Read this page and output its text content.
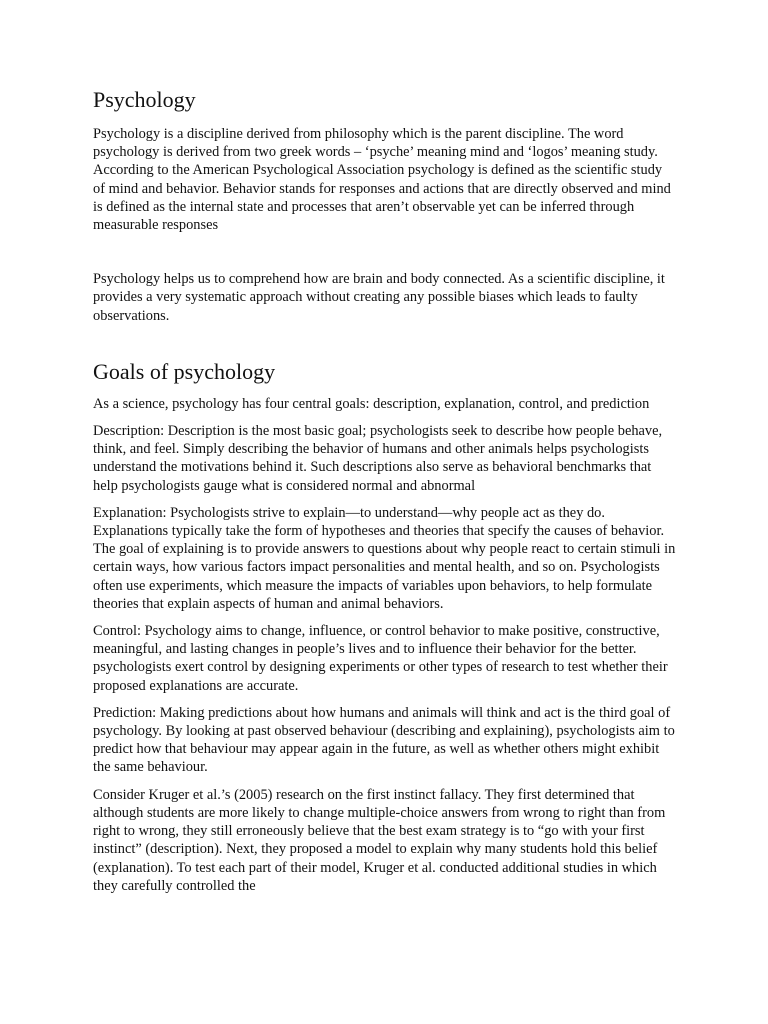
Psychology

Psychology is a discipline derived from philosophy which is the parent discipline. The word psychology is derived from two greek words – ‘psyche’ meaning mind and ‘logos’ meaning study. According to the American Psychological Association psychology is defined as the scientific study of mind and behavior. Behavior stands for responses and actions that are directly observed and mind is defined as the internal state and processes that aren’t observable yet can be inferred through measurable responses

Psychology helps us to comprehend how are brain and body connected. As a scientific discipline, it provides a very systematic approach without creating any possible biases which leads to faulty observations.

Goals of psychology

As a science, psychology has four central goals: description, explanation, control, and prediction

Description: Description is the most basic goal; psychologists seek to describe how people behave, think, and feel. Simply describing the behavior of humans and other animals helps psychologists understand the motivations behind it. Such descriptions also serve as behavioral benchmarks that help psychologists gauge what is considered normal and abnormal

Explanation: Psychologists strive to explain—to understand—why people act as they do. Explanations typically take the form of hypotheses and theories that specify the causes of behavior. The goal of explaining is to provide answers to questions about why people react to certain stimuli in certain ways, how various factors impact personalities and mental health, and so on. Psychologists often use experiments, which measure the impacts of variables upon behaviors, to help formulate theories that explain aspects of human and animal behaviors.

Control: Psychology aims to change, influence, or control behavior to make positive, constructive, meaningful, and lasting changes in people’s lives and to influence their behavior for the better. psychologists exert control by designing experiments or other types of research to test whether their proposed explanations are accurate.

Prediction: Making predictions about how humans and animals will think and act is the third goal of psychology. By looking at past observed behaviour (describing and explaining), psychologists aim to predict how that behaviour may appear again in the future, as well as whether others might exhibit the same behaviour.

Consider Kruger et al.’s (2005) research on the first instinct fallacy. They first determined that although students are more likely to change multiple-choice answers from wrong to right than from right to wrong, they still erroneously believe that the best exam strategy is to “go with your first instinct” (description). Next, they proposed a model to explain why many students hold this belief (explanation). To test each part of their model, Kruger et al. conducted additional studies in which they carefully controlled the
